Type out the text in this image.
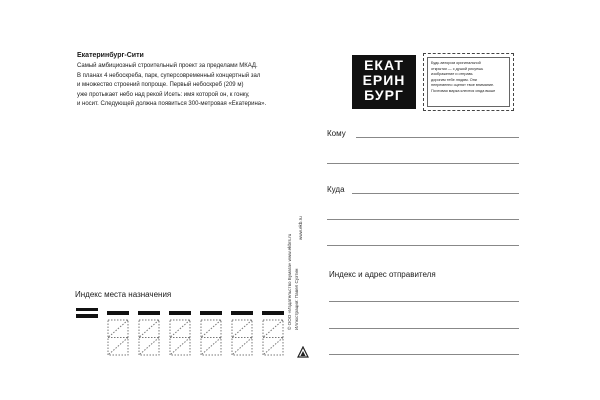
Екатеринбург-Сити

Самый амбициозный строительный проект за пределами МКАД.
В планах 4 небоскреба, парк, суперсовременный концертный зал
и множество строений попроще. Первый небоскреб (209 м)
уже протыкает небо над рекой Исеть: имя которой он, к гонку,
и носит. Следующей должна появиться 300-метровая «Екатерина».

© ООО «Издательство Бумага» www.ekbrs.ru Иллюстрация: Павел Суэтин
www.ekb.ru
ЕКАТ
ЕРИН
БУРГ
Будь автором оригинальной
открытки — с душой рисуешь
изображение и отправь
дорогим тебе людям. Они
непременно оценят твое внимание.
Почтовая марка клеится сюда выше
Кому
Куда
Индекс и адрес отправителя
Индекс места назначения
